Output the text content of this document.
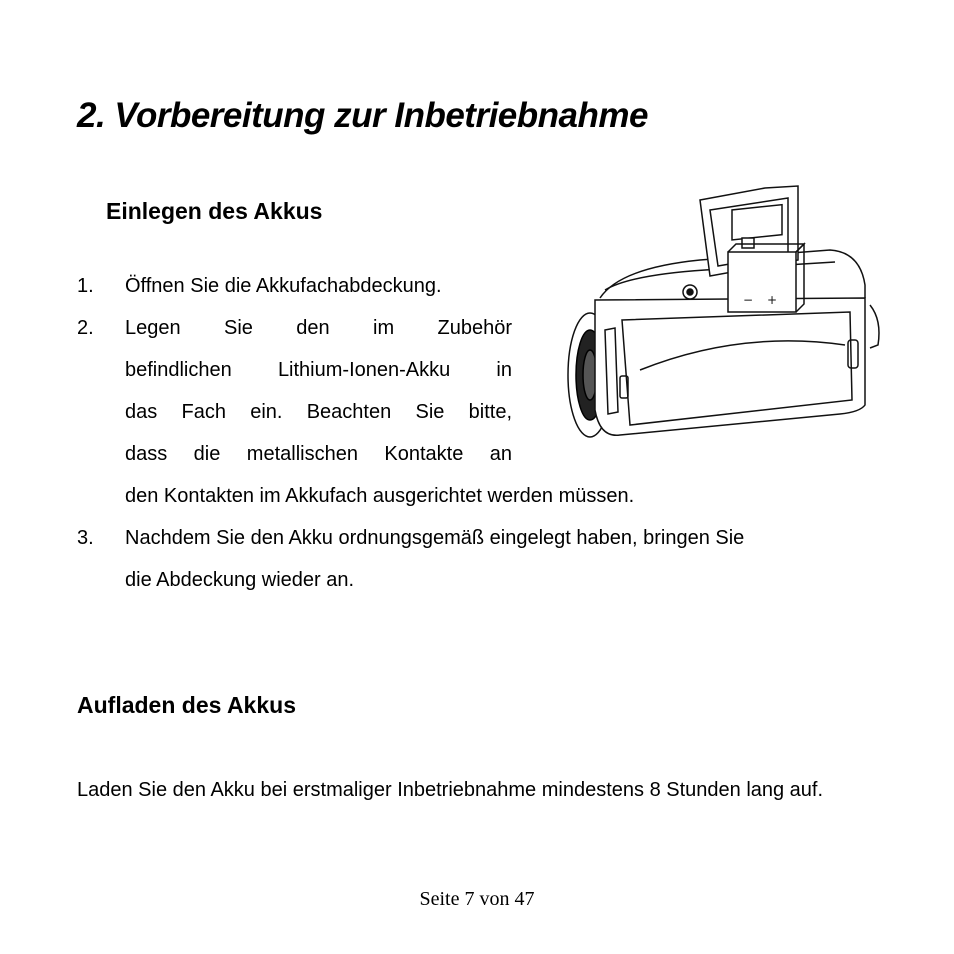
2. Vorbereitung zur Inbetriebnahme
Einlegen des Akkus
1.	Öffnen Sie die Akkufachabdeckung.
2.	Legen Sie den im Zubehör
befindlichen Lithium-Ionen-Akku in
das Fach ein. Beachten Sie bitte,
dass die metallischen Kontakte an
den Kontakten im Akkufach ausgerichtet werden müssen.
3.	Nachdem Sie den Akku ordnungsgemäß eingelegt haben, bringen Sie
die Abdeckung wieder an.
− +
Aufladen des Akkus
Laden Sie den Akku bei erstmaliger Inbetriebnahme mindestens 8 Stunden lang auf.
Seite 7 von 47
